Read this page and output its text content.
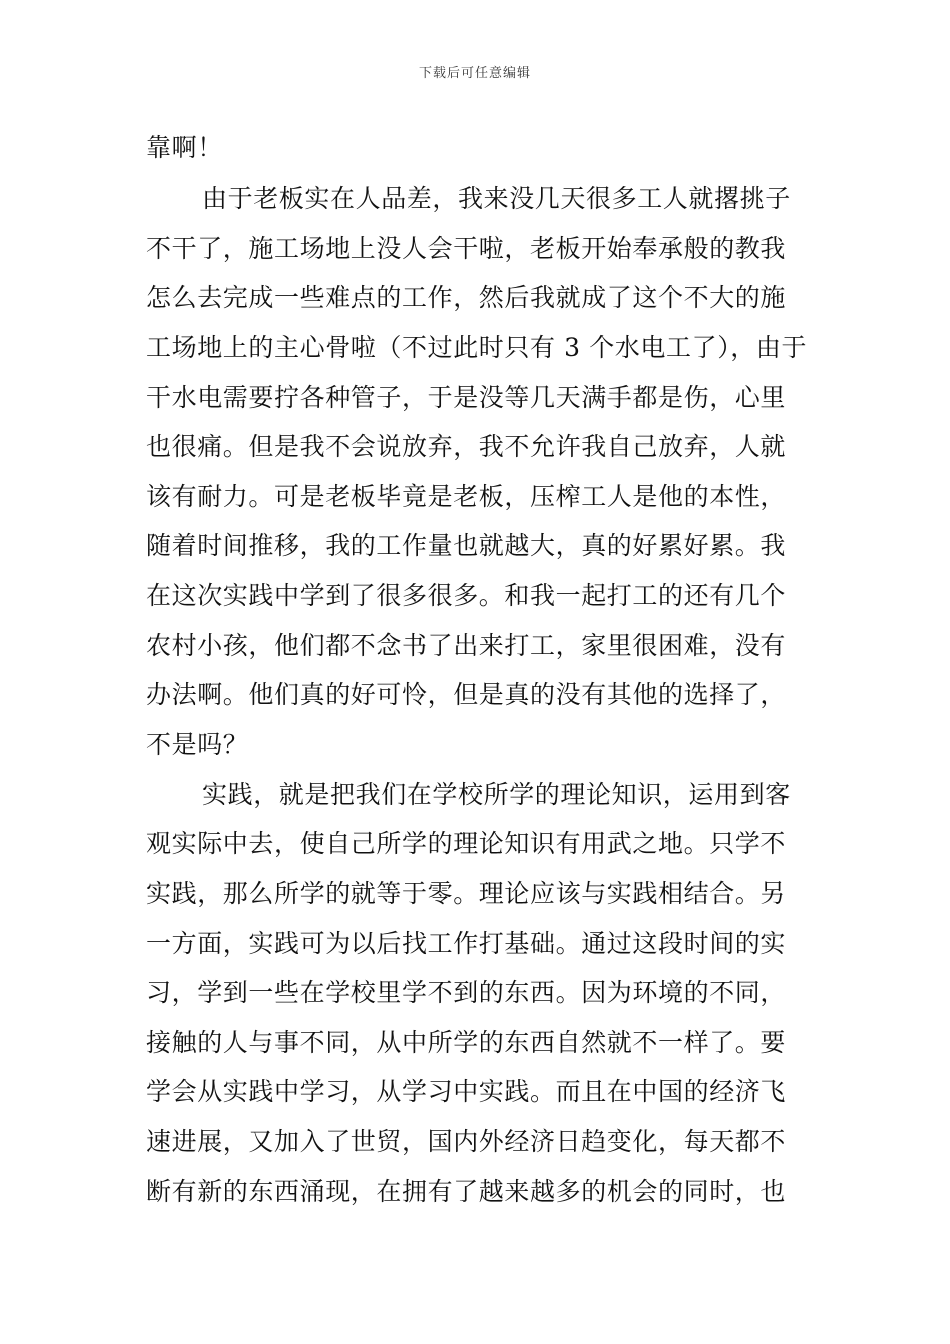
下载后可任意编辑
靠啊！
由于老板实在人品差，我来没几天很多工人就撂挑子
不干了，施工场地上没人会干啦，老板开始奉承般的教我
怎么去完成一些难点的工作，然后我就成了这个不大的施
工场地上的主心骨啦（不过此时只有 3 个水电工了），由于
干水电需要拧各种管子，于是没等几天满手都是伤，心里
也很痛。但是我不会说放弃，我不允许我自己放弃，人就
该有耐力。可是老板毕竟是老板，压榨工人是他的本性，
随着时间推移，我的工作量也就越大，真的好累好累。我
在这次实践中学到了很多很多。和我一起打工的还有几个
农村小孩，他们都不念书了出来打工，家里很困难，没有
办法啊。他们真的好可怜，但是真的没有其他的选择了，
不是吗？
实践，就是把我们在学校所学的理论知识，运用到客
观实际中去，使自己所学的理论知识有用武之地。只学不
实践，那么所学的就等于零。理论应该与实践相结合。另
一方面，实践可为以后找工作打基础。通过这段时间的实
习，学到一些在学校里学不到的东西。因为环境的不同，
接触的人与事不同，从中所学的东西自然就不一样了。要
学会从实践中学习，从学习中实践。而且在中国的经济飞
速进展，又加入了世贸，国内外经济日趋变化，每天都不
断有新的东西涌现，在拥有了越来越多的机会的同时，也
